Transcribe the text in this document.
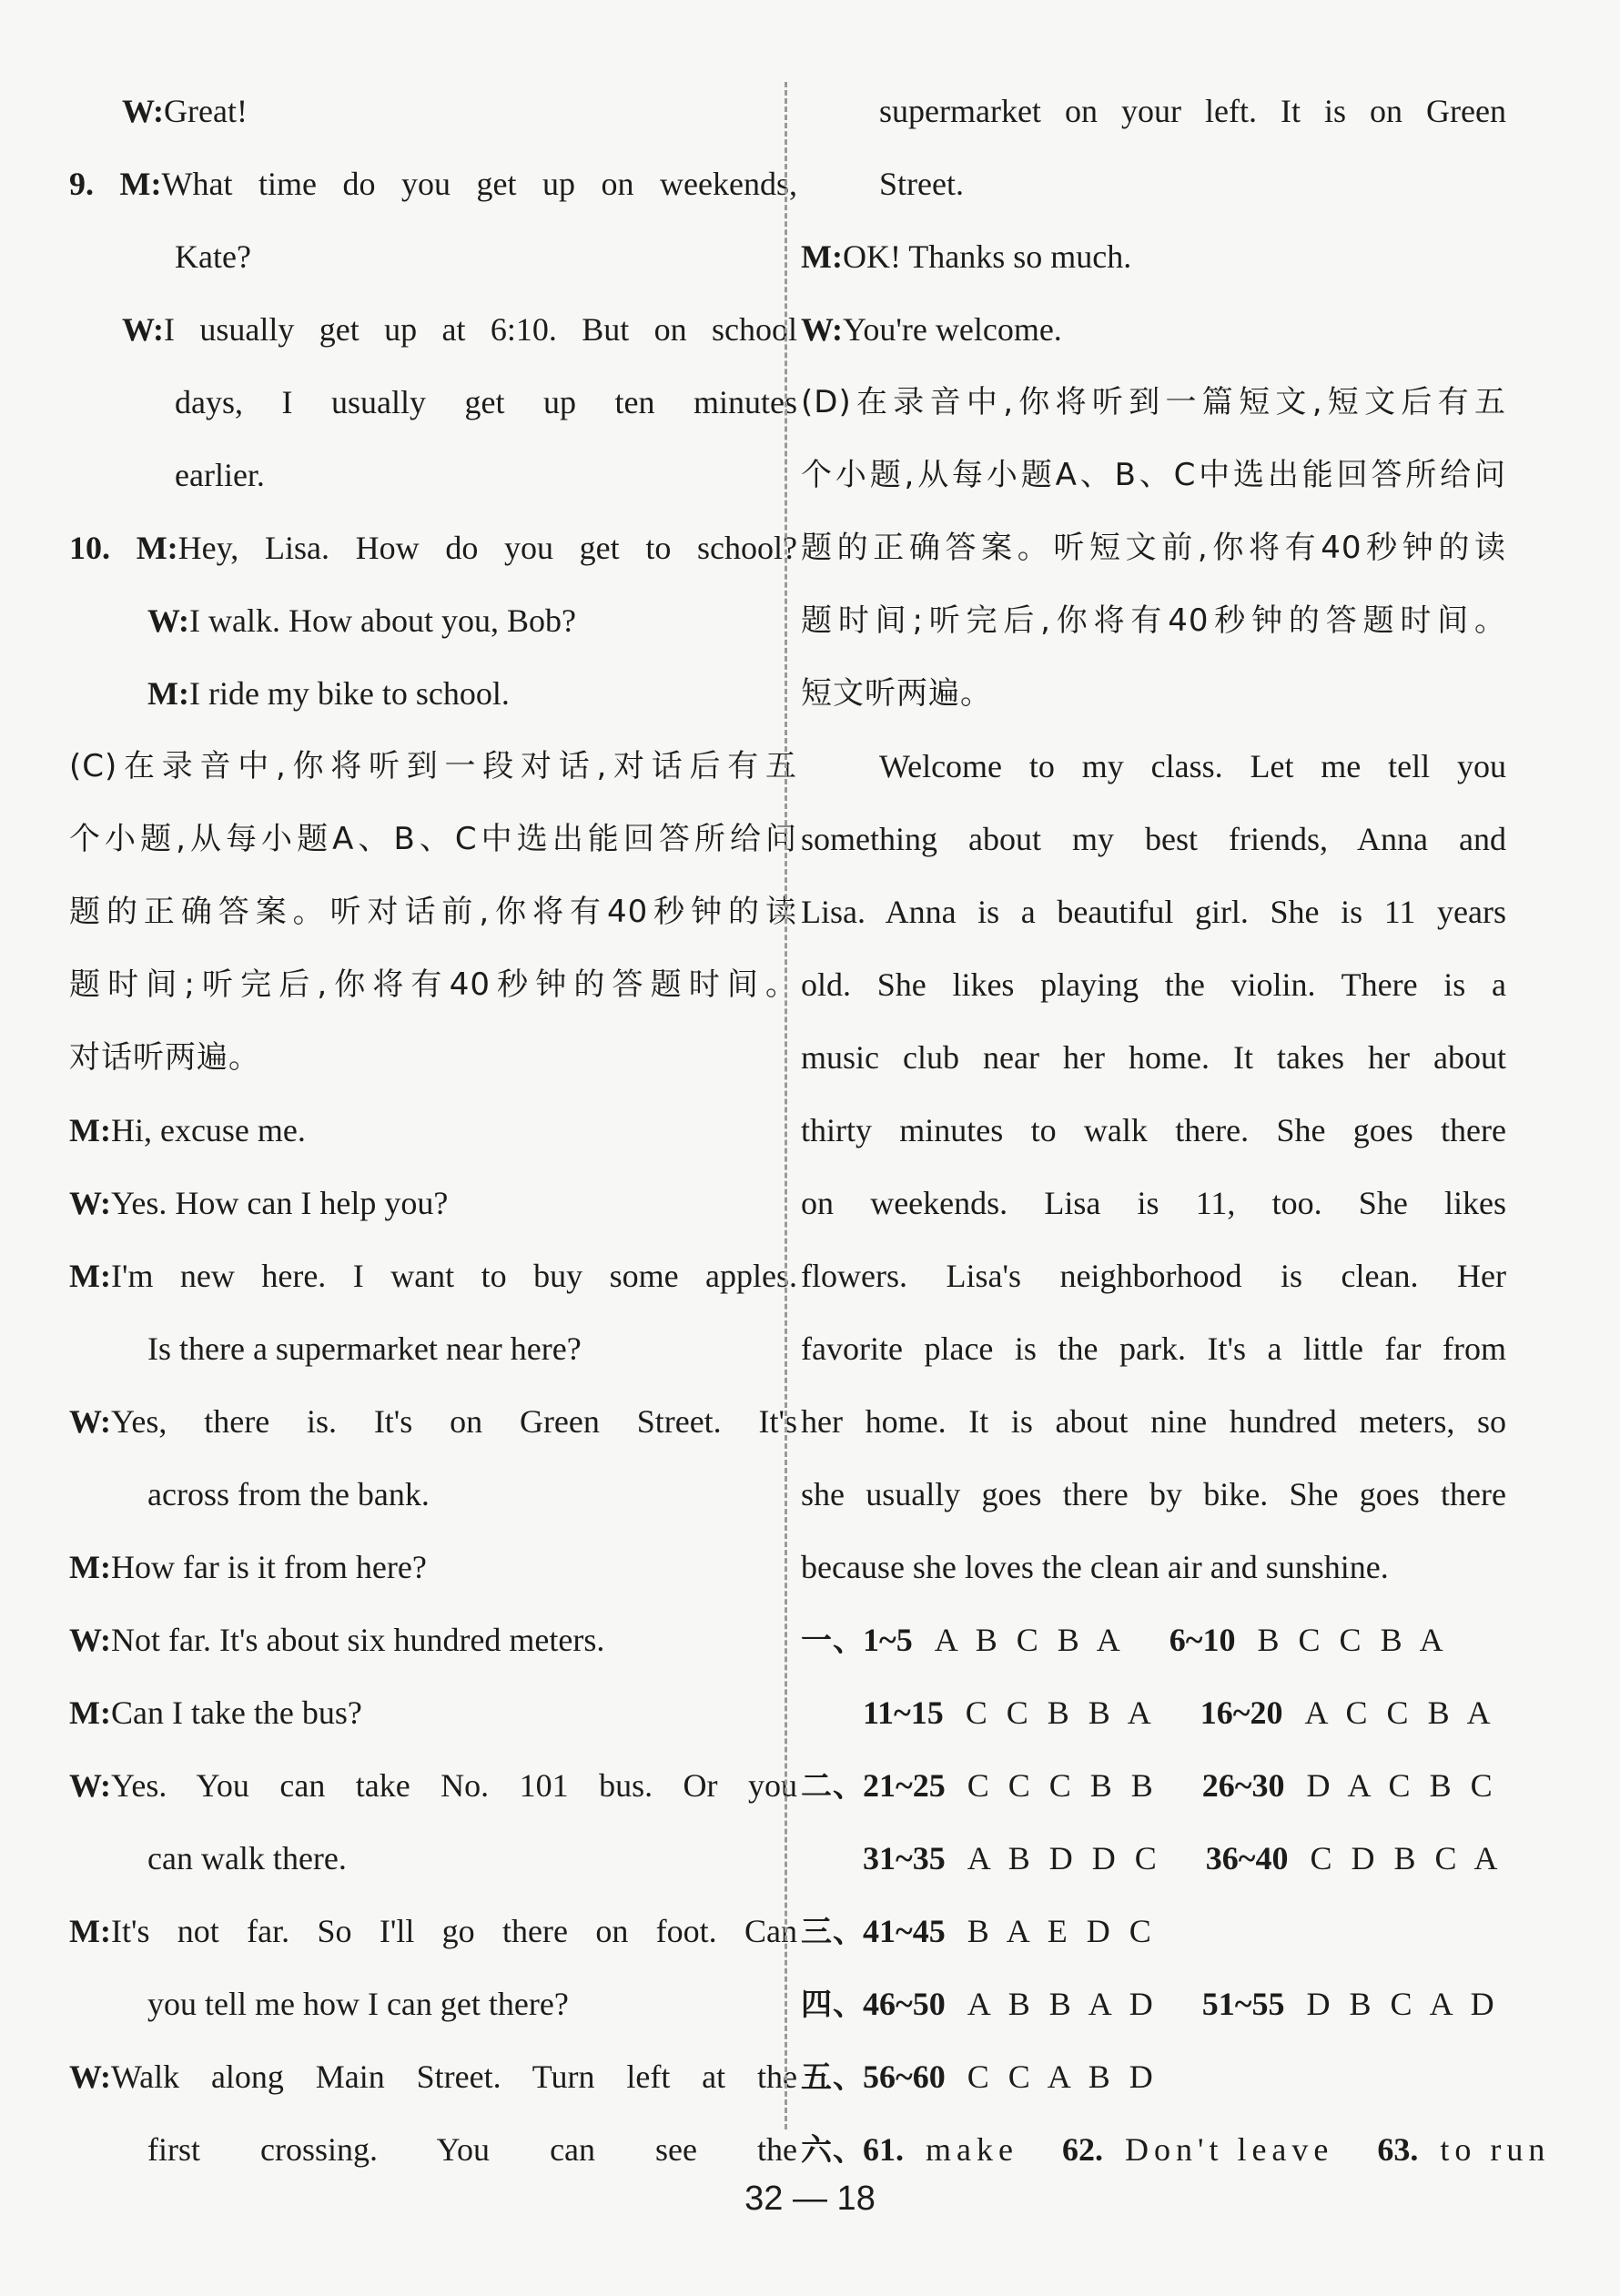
W:Great!
9. M:What time do you get up on weekends,
Kate?
W:I usually get up at 6:10. But on school
days, I usually get up ten minutes
earlier.
10. M:Hey, Lisa. How do you get to school?
W:I walk. How about you, Bob?
M:I ride my bike to school.
(C)在录音中,你将听到一段对话,对话后有五
个小题,从每小题A、B、C中选出能回答所给问
题的正确答案。听对话前,你将有40秒钟的读
题时间;听完后,你将有40秒钟的答题时间。
对话听两遍。
M:Hi, excuse me.
W:Yes. How can I help you?
M:I'm new here. I want to buy some apples.
Is there a supermarket near here?
W:Yes, there is. It's on Green Street. It's
across from the bank.
M:How far is it from here?
W:Not far. It's about six hundred meters.
M:Can I take the bus?
W:Yes. You can take No. 101 bus. Or you
can walk there.
M:It's not far. So I'll go there on foot. Can
you tell me how I can get there?
W:Walk along Main Street. Turn left at the
first crossing. You can see the
supermarket on your left. It is on Green
Street.
M:OK! Thanks so much.
W:You're welcome.
(D)在录音中,你将听到一篇短文,短文后有五
个小题,从每小题A、B、C中选出能回答所给问
题的正确答案。听短文前,你将有40秒钟的读
题时间;听完后,你将有40秒钟的答题时间。
短文听两遍。
Welcome to my class. Let me tell you
something about my best friends, Anna and
Lisa. Anna is a beautiful girl. She is 11 years
old. She likes playing the violin. There is a
music club near her home. It takes her about
thirty minutes to walk there. She goes there
on weekends. Lisa is 11, too. She likes
flowers. Lisa's neighborhood is clean. Her
favorite place is the park. It's a little far from
her home. It is about nine hundred meters, so
she usually goes there by bike. She goes there
because she loves the clean air and sunshine.
一、1~5 A B C B A 6~10 B C C B A
11~15 C C B B A 16~20 A C C B A
二、21~25 C C C B B 26~30 D A C B C
31~35 A B D D C 36~40 C D B C A
三、41~45 B A E D C
四、46~50 A B B A D 51~55 D B C A D
五、56~60 C C A B D
六、61. make 62. Don't leave 63. to run
32 — 18
